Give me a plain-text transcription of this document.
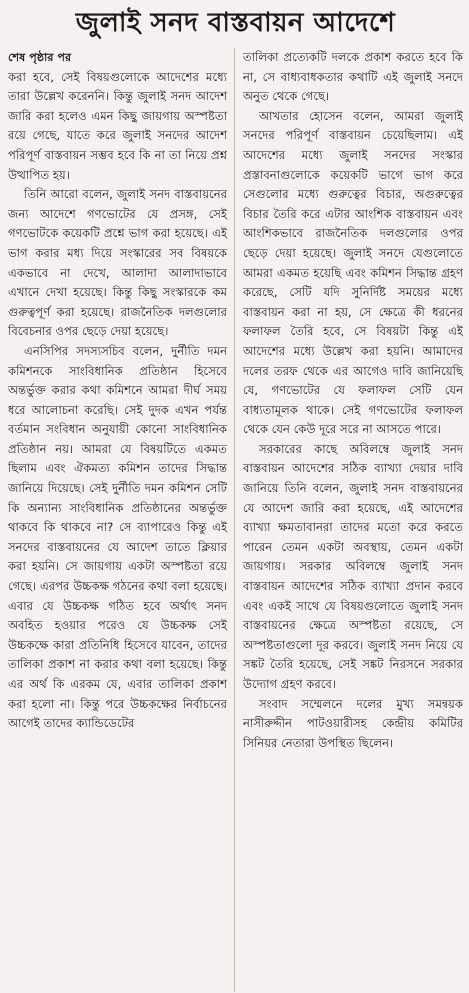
জুলাই সনদ বাস্তবায়ন আদেশে

শেষ পৃষ্ঠার পর

করা হবে, সেই বিষয়গুলোকে আদেশের মধ্যে তারা উল্লেখ করেননি। কিন্তু জুলাই সনদ আদেশ জারি করা হলেও এমন কিছু জায়গায় অস্পষ্টতা রয়ে গেছে, যাতে করে জুলাই সনদের আদেশ পরিপূর্ণ বাস্তবায়ন সম্ভব হবে কি না তা নিয়ে প্রশ্ন উত্থাপিত হয়।

তিনি আরো বলেন, জুলাই সনদ বাস্তবায়নের জন্য আদেশে গণভোটের যে প্রসঙ্গ, সেই গণভোটকে কয়েকটি প্রশ্নে ভাগ করা হয়েছে। এই ভাগ করার মধ্য দিয়ে সংস্কারের সব বিষয়কে একভাবে না দেখে, আলাদা আলাদাভাবে এখানে দেখা হয়েছে। কিন্তু কিছু সংস্কারকে কম গুরুত্বপূর্ণ করা হয়েছে। রাজনৈতিক দলগুলোর বিবেচনার ওপর ছেড়ে দেয়া হয়েছে।

এনসিপির সদস্যসচিব বলেন, দুর্নীতি দমন কমিশনকে সাংবিধানিক প্রতিষ্ঠান হিসেবে অন্তর্ভুক্ত করার কথা কমিশনে আমরা দীর্ঘ সময় ধরে আলোচনা করেছি। সেই দুদক এখন পর্যন্ত বর্তমান সংবিধান অনুযায়ী কোনো সাংবিধানিক প্রতিষ্ঠান নয়। আমরা যে বিষয়টিতে একমত ছিলাম এবং ঐকমত্য কমিশন তাদের সিদ্ধান্ত জানিয়ে দিয়েছে। সেই দুর্নীতি দমন কমিশন সেটি কি অন্যান্য সাংবিধানিক প্রতিষ্ঠানের অন্তর্ভুক্ত থাকবে কি থাকবে না? সে ব্যাপারেও কিন্তু এই সনদের বাস্তবায়নের যে আদেশ তাতে ক্লিয়ার করা হয়নি। সে জায়গায় একটা অস্পষ্টতা রয়ে গেছে। এরপর উচ্চকক্ষ গঠনের কথা বলা হয়েছে। এবার যে উচ্চকক্ষ গঠিত হবে অর্থাৎ সনদ অবহিত হওয়ার পরেও যে উচ্চকক্ষ সেই উচ্চকক্ষে কারা প্রতিনিধি হিসেবে যাবেন, তাদের তালিকা প্রকাশ না করার কথা বলা হয়েছে। কিন্তু এর অর্থ কি এরকম যে, এবার তালিকা প্রকাশ করা হলো না। কিন্তু পরে উচ্চকক্ষের নির্বাচনের আগেই তাদের ক্যান্ডিডেটের

তালিকা প্রত্যেকটি দলকে প্রকাশ করতে হবে কি না, সে বাধ্যবাধকতার কথাটি এই জুলাই সনদে অনুত থেকে গেছে।

আখতার হোসেন বলেন, আমরা জুলাই সনদের পরিপূর্ণ বাস্তবায়ন চেয়েছিলাম। এই আদেশের মধ্যে জুলাই সনদের সংস্কার প্রস্তাবনাগুলোকে কয়েকটি ভাগে ভাগ করে সেগুলোর মধ্যে গুরুত্বের বিচার, অগুরুত্বের বিচার তৈরি করে এটার আংশিক বাস্তবায়ন এবং আংশিকভাবে রাজনৈতিক দলগুলোর ওপর ছেড়ে দেয়া হয়েছে। জুলাই সনদে যেগুলোতে আমরা একমত হয়েছি এবং কমিশন সিদ্ধান্ত গ্রহণ করেছে, সেটি যদি সুনির্দিষ্ট সময়ের মধ্যে বাস্তবায়ন করা না হয়, সে ক্ষেত্রে কী ধরনের ফলাফল তৈরি হবে, সে বিষয়টা কিন্তু এই আদেশের মধ্যে উল্লেখ করা হয়নি। আমাদের দলের তরফ থেকে এর আগেও দাবি জানিয়েছি যে, গণভোটের যে ফলাফল সেটি যেন বাধ্যতামূলক থাকে। সেই গণভোটের ফলাফল থেকে যেন কেউ দূরে সরে না আসতে পারে।

সরকারের কাছে অবিলম্বে জুলাই সনদ বাস্তবায়ন আদেশের সঠিক ব্যাখ্যা দেয়ার দাবি জানিয়ে তিনি বলেন, জুলাই সনদ বাস্তবায়নের যে আদেশ জারি করা হয়েছে, এই আদেশের ব্যাখ্যা ক্ষমতাবানরা তাদের মতো করে করতে পারেন তেমন একটা অবস্থায়, তেমন একটা জায়গায়। সরকার অবিলম্বে জুলাই সনদ বাস্তবায়ন আদেশের সঠিক ব্যাখ্যা প্রদান করবে এবং একই সাথে যে বিষয়গুলোতে জুলাই সনদ বাস্তবায়নের ক্ষেত্রে অস্পষ্টতা রয়েছে, সে অস্পষ্টতাগুলো দূর করবে। জুলাই সনদ নিয়ে যে সঙ্কট তৈরি হয়েছে, সেই সঙ্কট নিরসনে সরকার উদ্যোগ গ্রহণ করবে।

সংবাদ সম্মেলনে দলের মুখ্য সমন্বয়ক নাসীরুদ্দীন পাটওয়ারীসহ কেন্দ্রীয় কমিটির সিনিয়র নেতারা উপস্থিত ছিলেন।
